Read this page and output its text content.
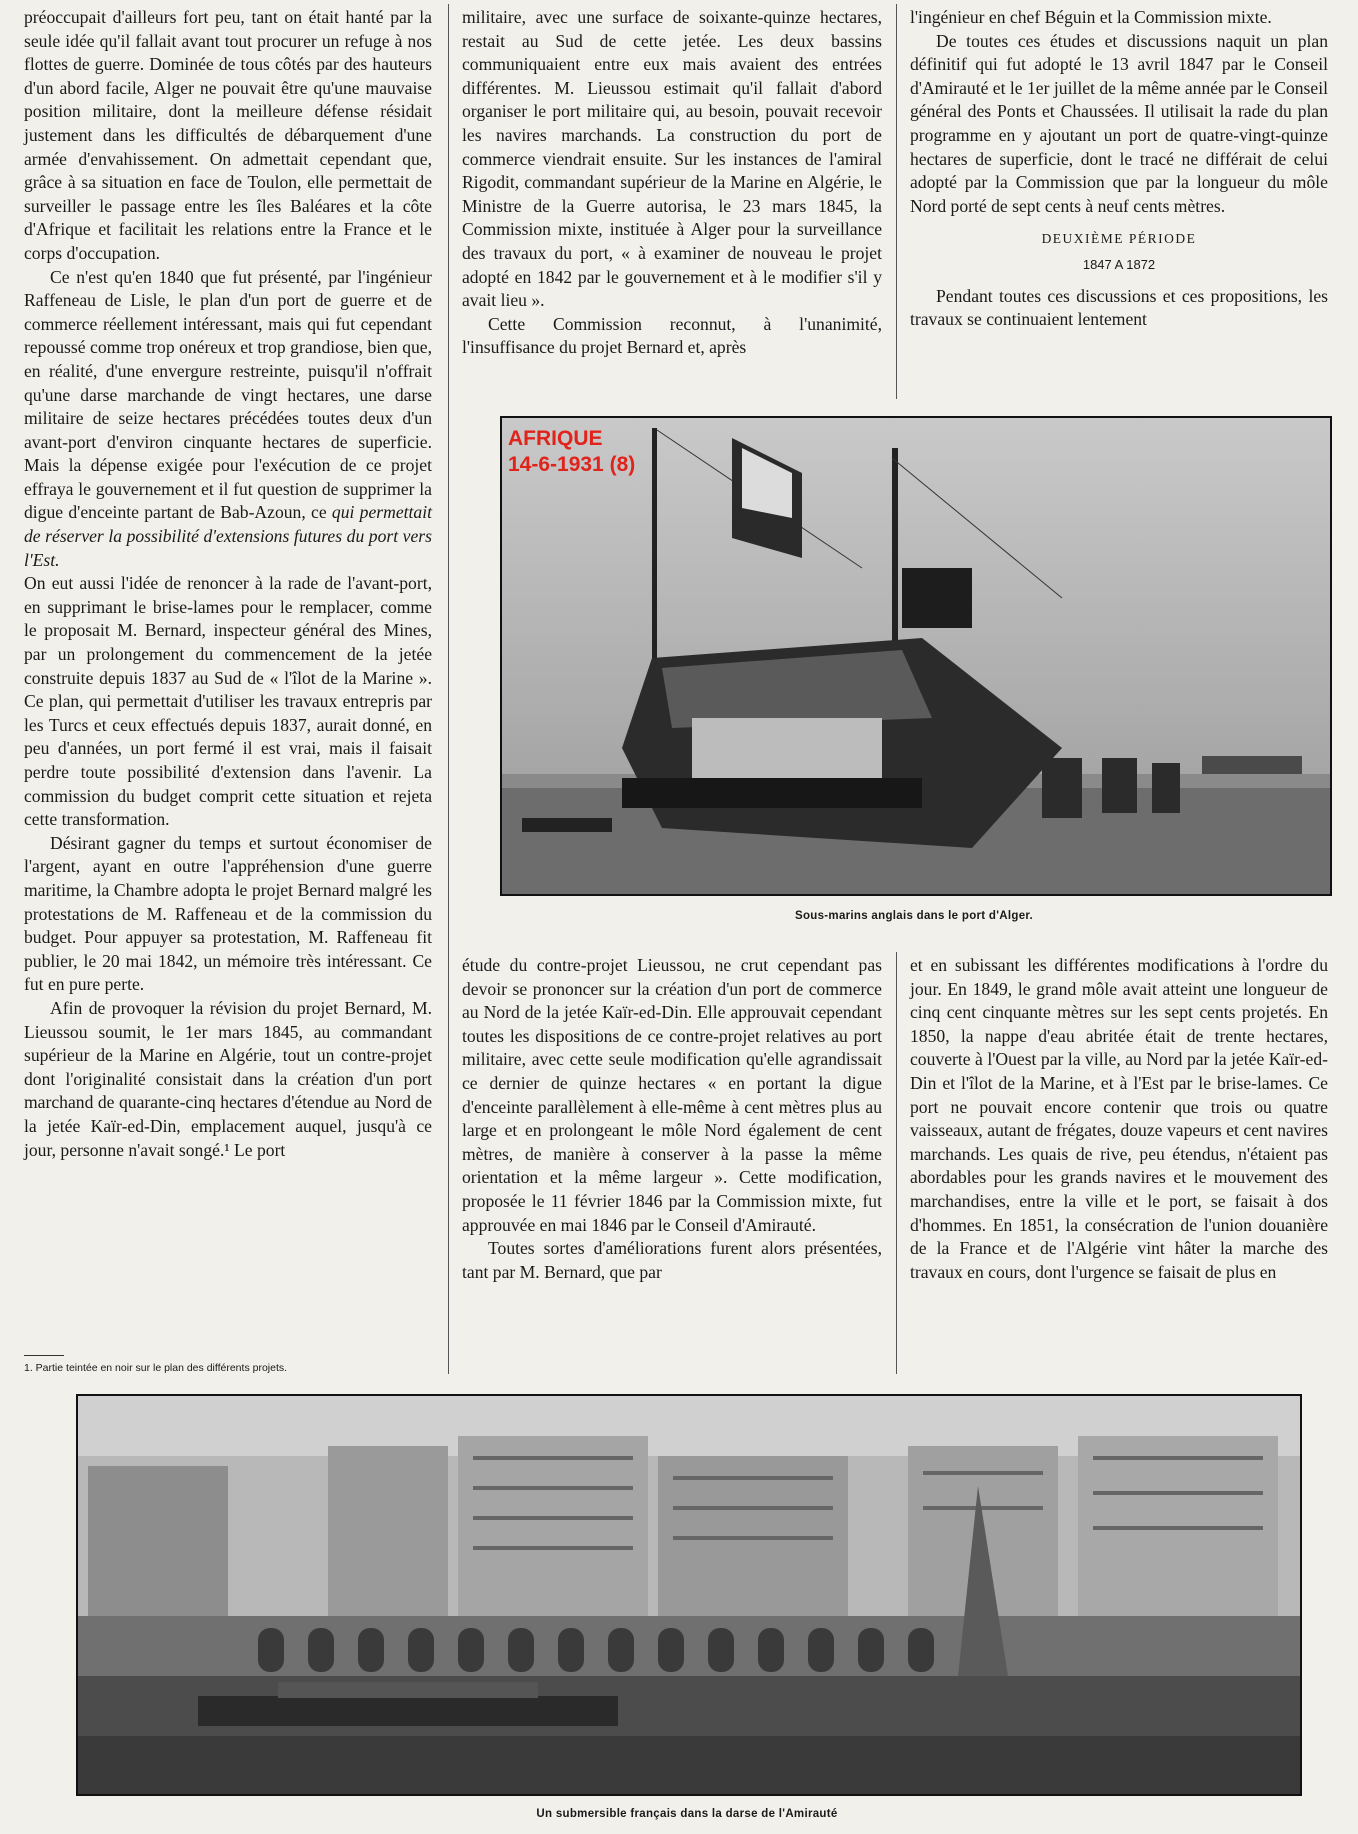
préoccupait d'ailleurs fort peu, tant on était hanté par la seule idée qu'il fallait avant tout procurer un refuge à nos flottes de guerre. Dominée de tous côtés par des hauteurs d'un abord facile, Alger ne pouvait être qu'une mauvaise position militaire, dont la meilleure défense résidait justement dans les difficultés de débarquement d'une armée d'envahissement. On admettait cependant que, grâce à sa situation en face de Toulon, elle permettait de surveiller le passage entre les îles Baléares et la côte d'Afrique et facilitait les relations entre la France et le corps d'occupation.

Ce n'est qu'en 1840 que fut présenté, par l'ingénieur Raffeneau de Lisle, le plan d'un port de guerre et de commerce réellement intéressant, mais qui fut cependant repoussé comme trop onéreux et trop grandiose, bien que, en réalité, d'une envergure restreinte, puisqu'il n'offrait qu'une darse marchande de vingt hectares, une darse militaire de seize hectares précédées toutes deux d'un avant-port d'environ cinquante hectares de superficie. Mais la dépense exigée pour l'exécution de ce projet effraya le gouvernement et il fut question de supprimer la digue d'enceinte partant de Bab-Azoun, ce qui permettait de réserver la possibilité d'extensions futures du port vers l'Est.

On eut aussi l'idée de renoncer à la rade de l'avant-port, en supprimant le brise-lames pour le remplacer, comme le proposait M. Bernard, inspecteur général des Mines, par un prolongement du commencement de la jetée construite depuis 1837 au Sud de « l'îlot de la Marine ». Ce plan, qui permettait d'utiliser les travaux entrepris par les Turcs et ceux effectués depuis 1837, aurait donné, en peu d'années, un port fermé il est vrai, mais il faisait perdre toute possibilité d'extension dans l'avenir. La commission du budget comprit cette situation et rejeta cette transformation.

Désirant gagner du temps et surtout économiser de l'argent, ayant en outre l'appréhension d'une guerre maritime, la Chambre adopta le projet Bernard malgré les protestations de M. Raffeneau et de la commission du budget. Pour appuyer sa protestation, M. Raffeneau fit publier, le 20 mai 1842, un mémoire très intéressant. Ce fut en pure perte.

Afin de provoquer la révision du projet Bernard, M. Lieussou soumit, le 1er mars 1845, au commandant supérieur de la Marine en Algérie, tout un contre-projet dont l'originalité consistait dans la création d'un port marchand de quarante-cinq hectares d'étendue au Nord de la jetée Kaïr-ed-Din, emplacement auquel, jusqu'à ce jour, personne n'avait songé.¹ Le port

militaire, avec une surface de soixante-quinze hectares, restait au Sud de cette jetée. Les deux bassins communiquaient entre eux mais avaient des entrées différentes. M. Lieussou estimait qu'il fallait d'abord organiser le port militaire qui, au besoin, pouvait recevoir les navires marchands. La construction du port de commerce viendrait ensuite. Sur les instances de l'amiral Rigodit, commandant supérieur de la Marine en Algérie, le Ministre de la Guerre autorisa, le 23 mars 1845, la Commission mixte, instituée à Alger pour la surveillance des travaux du port, « à examiner de nouveau le projet adopté en 1842 par le gouvernement et à le modifier s'il y avait lieu ».

Cette Commission reconnut, à l'unanimité, l'insuffisance du projet Bernard et, après

l'ingénieur en chef Béguin et la Commission mixte.

De toutes ces études et discussions naquit un plan définitif qui fut adopté le 13 avril 1847 par le Conseil d'Amirauté et le 1er juillet de la même année par le Conseil général des Ponts et Chaussées. Il utilisait la rade du plan programme en y ajoutant un port de quatre-vingt-quinze hectares de superficie, dont le tracé ne différait de celui adopté par la Commission que par la longueur du môle Nord porté de sept cents à neuf cents mètres.

DEUXIÈME PÉRIODE
1847 A 1872

Pendant toutes ces discussions et ces propositions, les travaux se continuaient lentement

AFRIQUE
14-6-1931 (8)
Sous-marins anglais dans le port d'Alger.

étude du contre-projet Lieussou, ne crut cependant pas devoir se prononcer sur la création d'un port de commerce au Nord de la jetée Kaïr-ed-Din. Elle approuvait cependant toutes les dispositions de ce contre-projet relatives au port militaire, avec cette seule modification qu'elle agrandissait ce dernier de quinze hectares « en portant la digue d'enceinte parallèlement à elle-même à cent mètres plus au large et en prolongeant le môle Nord également de cent mètres, de manière à conserver à la passe la même orientation et la même largeur ». Cette modification, proposée le 11 février 1846 par la Commission mixte, fut approuvée en mai 1846 par le Conseil d'Amirauté.

Toutes sortes d'améliorations furent alors présentées, tant par M. Bernard, que par

et en subissant les différentes modifications à l'ordre du jour. En 1849, le grand môle avait atteint une longueur de cinq cent cinquante mètres sur les sept cents projetés. En 1850, la nappe d'eau abritée était de trente hectares, couverte à l'Ouest par la ville, au Nord par la jetée Kaïr-ed-Din et l'îlot de la Marine, et à l'Est par le brise-lames. Ce port ne pouvait encore contenir que trois ou quatre vaisseaux, autant de frégates, douze vapeurs et cent navires marchands. Les quais de rive, peu étendus, n'étaient pas abordables pour les grands navires et le mouvement des marchandises, entre la ville et le port, se faisait à dos d'hommes. En 1851, la consécration de l'union douanière de la France et de l'Algérie vint hâter la marche des travaux en cours, dont l'urgence se faisait de plus en

1. Partie teintée en noir sur le plan des différents projets.
Un submersible français dans la darse de l'Amirauté
